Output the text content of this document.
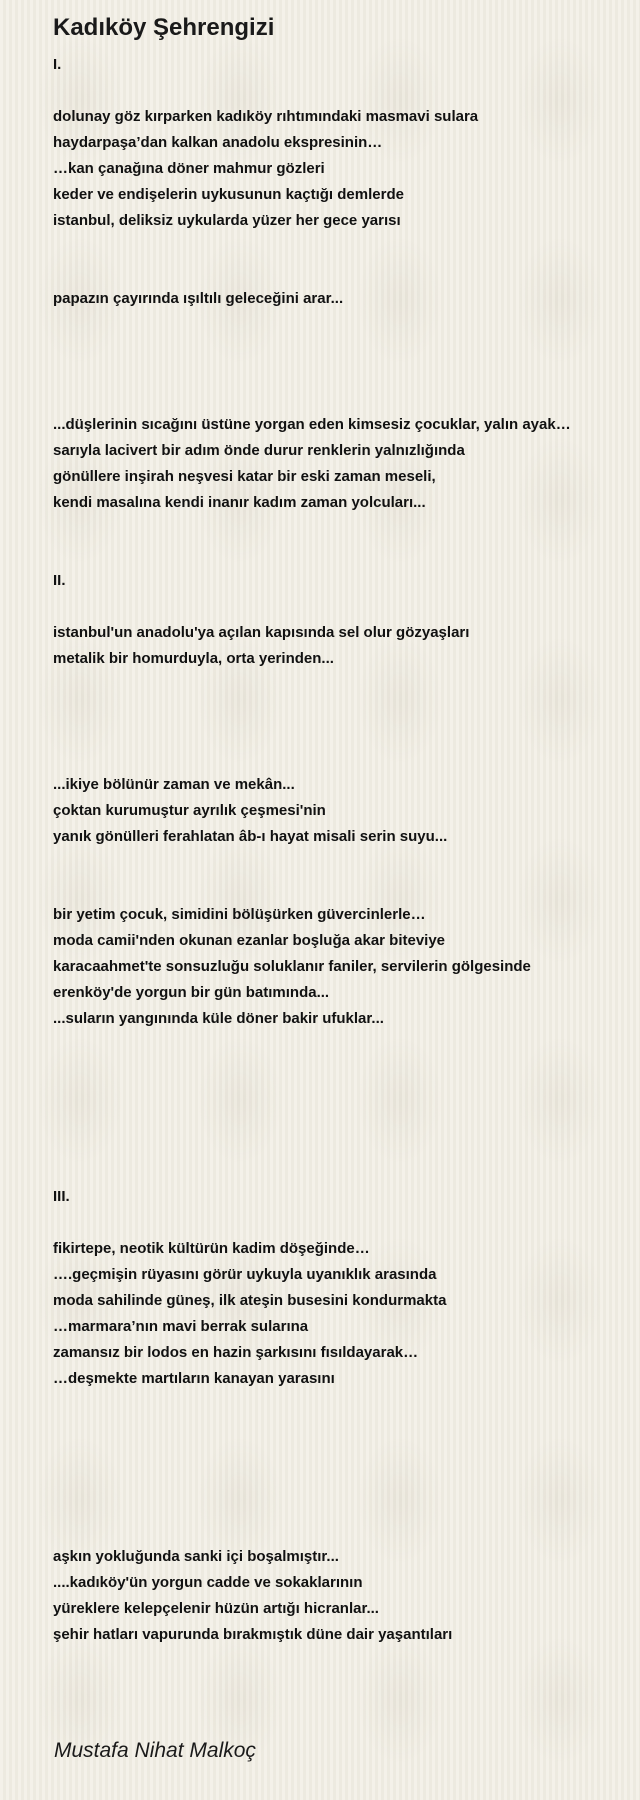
Kadıköy Şehrengizi
I.
dolunay göz kırparken kadıköy rıhtımındaki masmavi sulara
haydarpaşa’dan kalkan anadolu ekspresinin…
…kan çanağına döner mahmur gözleri
keder ve endişelerin uykusunun kaçtığı demlerde
istanbul, deliksiz uykularda yüzer her gece yarısı
papazın çayırında ışıltılı geleceğini arar...
...düşlerinin sıcağını üstüne yorgan eden kimsesiz çocuklar, yalın ayak…
sarıyla lacivert bir adım önde durur renklerin yalnızlığında
gönüllere inşirah neşvesi katar bir eski zaman meseli,
kendi masalına kendi inanır kadım zaman yolcuları...
II.
istanbul'un anadolu'ya açılan kapısında sel olur gözyaşları
metalik bir homurduyla, orta yerinden...
...ikiye bölünür zaman ve mekân...
çoktan kurumuştur ayrılık çeşmesi'nin
yanık gönülleri ferahlatan âb-ı hayat misali serin suyu...
bir yetim çocuk, simidini bölüşürken güvercinlerle…
moda camii'nden okunan ezanlar boşluğa akar biteviye
karacaahmet'te sonsuzluğu soluklanır faniler, servilerin gölgesinde
erenköy'de yorgun bir gün batımında...
...suların yangınında küle döner bakir ufuklar...
III.
fikirtepe, neotik kültürün kadim döşeğinde…
….geçmişin rüyasını görür uykuyla uyanıklık arasında
moda sahilinde güneş, ilk ateşin busesini kondurmakta
…marmara’nın mavi berrak sularına
zamansız bir lodos en hazin şarkısını fısıldayarak…
…deşmekte martıların kanayan yarasını
aşkın yokluğunda sanki içi boşalmıştır...
....kadıköy'ün yorgun cadde ve sokaklarının
yüreklere kelepçelenir hüzün artığı hicranlar...
şehir hatları vapurunda bırakmıştık düne dair yaşantıları
Mustafa Nihat Malkoç
